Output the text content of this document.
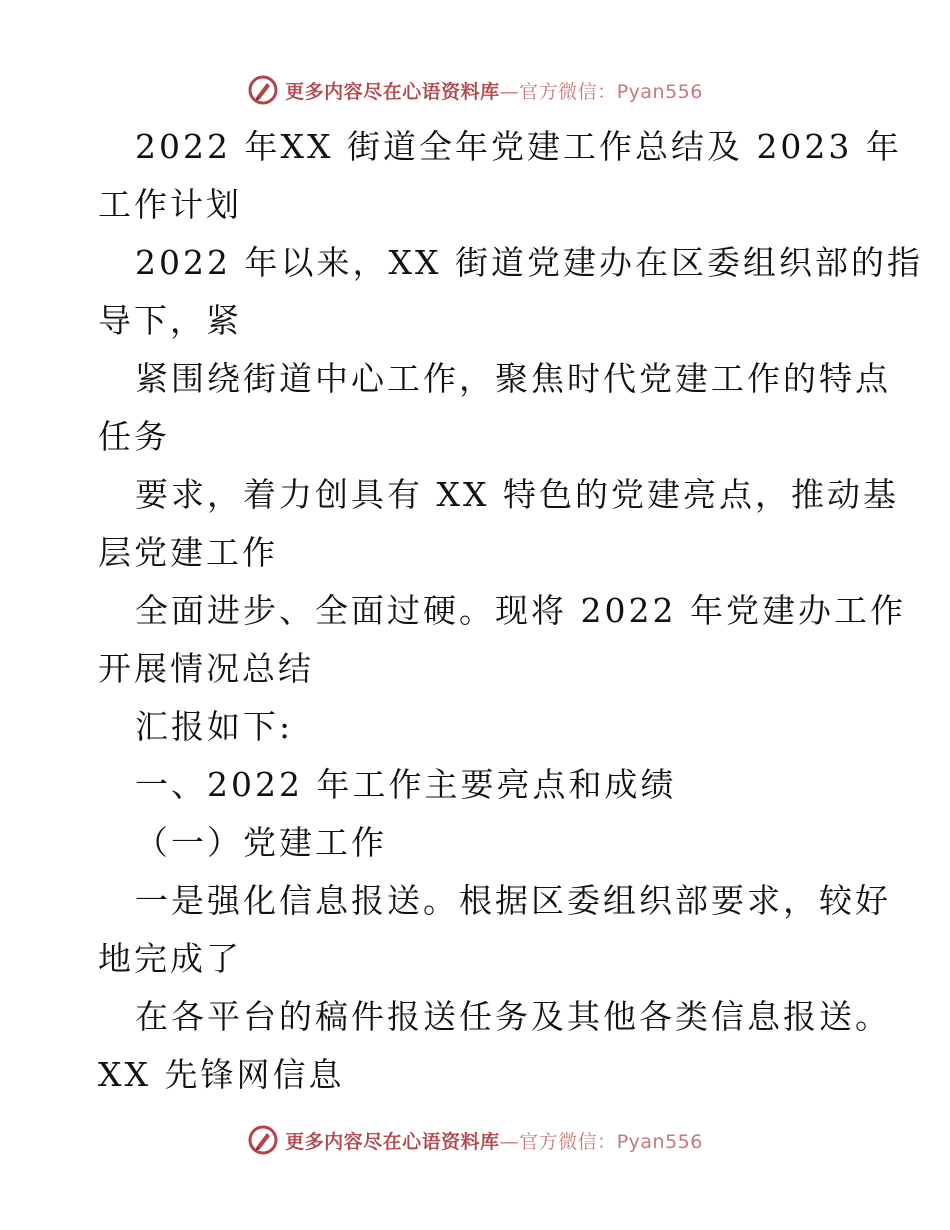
更多内容尽在心语资料库—官方微信：Pyan556
2022 年XX 街道全年党建工作总结及 2023 年
工作计划
2022 年以来，XX 街道党建办在区委组织部的指
导下，紧
紧围绕街道中心工作，聚焦时代党建工作的特点
任务
要求，着力创具有 XX 特色的党建亮点，推动基
层党建工作
全面进步、全面过硬。现将 2022 年党建办工作
开展情况总结
汇报如下:
一、2022 年工作主要亮点和成绩
（一）党建工作
一是强化信息报送。根据区委组织部要求，较好
地完成了
在各平台的稿件报送任务及其他各类信息报送。
XX 先锋网信息
更多内容尽在心语资料库—官方微信：Pyan556
